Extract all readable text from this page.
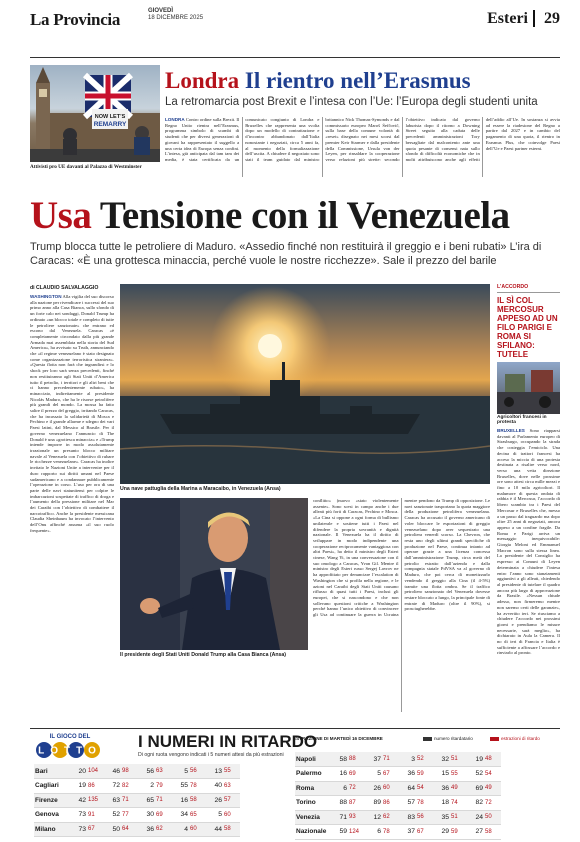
La Provincia	GIOVEDÌ
18 DICEMBRE 2025	Esteri 29
NOW LET’S
REMARRY
Attivisti pro UE davanti al Palazzo di Westminster
Londra Il rientro nell’Erasmus
La retromarcia post Brexit e l’intesa con l’Ue: l’Europa degli studenti unita

LONDRA Contro ordine sulla Brexit. Il Regno Unito rientra nell’Erasmus, programma simbolo di scambi di studenti che per diversi generazioni di giovani ha rappresentato il suggello a una certa idea di Europa senza confini. L’intesa, già anticipata dal tam tam dei media, è stata certificata da un comunicato congiunto di Londra e Bruxelles che rappresenta una svolta dopo un modello di contrattazione e d’incontro abbandonato dall’Italia nonostante i negoziati, circa 5 anni fa, al momento della formalizzazione dell’uscita. A chiudere il negoziato sono stati il team guidato dal ministro britannico Nick Thomas-Symonds e dal commissario europeo Maroš Šefčovič, sulla base della comune volontà di «reset» disegnato nei mesi scorsi dal premier Keir Starmer e dalla presidente della Commissione, Ursula von der Leyen, per rinsaldare la cooperazione verso relazioni più strette: secondo l’obiettivo indicato dal governo laburista dopo il ritorno a Downing Street seguito alla caduta delle precedenti amministrazioni Tory bersagliate dal malcontento ante una quota pesante di consensi nata sullo sfondo di difficoltà economiche che in molti attribuiscono anche agli effetti dell’addio all’Ue. In sostanza si avvia ad essere la riadesione del Regno a partire dal 2027 e in cambio del pagamento di una quota, il rientro in Erasmus Plus, che coinvolge Paesi dell’Ue e Paesi partner esterni.

Usa Tensione con il Venezuela
Trump blocca tutte le petroliere di Maduro. «Assedio finché non restituirà il greggio e i beni rubati» L’ira di Caracas: «È una grottesca minaccia, perché vuole le nostre ricchezze». Sale il prezzo del barile
di CLAUDIO SALVALAGGIO

WASHINGTON Alla vigilia del suo discorso alla nazione per rivendicare i successi del suo primo anno alla Casa Bianca, sullo sfondo di un forte calo nei sondaggi, Donald Trump ha ordinato «un blocco totale e completo di tutte le petroliere sanzionate» che entrano ed escono dal Venezuela. Caracas «è completamente circondato dalla più grande Armada mai assemblata nella storia del Sud America», ha avvisato su Truth, annunciando che «il regime venezuelano è stato designato come organizzazione terroristica straniera». «Questa flotta non farà che ingrandirsi e lo shock per loro sarà senza precedenti, finché non restituiranno agli Stati Uniti d’America tutto il petrolio, i territori e gli altri beni che ci hanno precedentemente rubato», ha minacciato, indirettamente al presidente Nicolás Maduro, che ha le risorse petrolifere più grandi del mondo. La mossa ha fatto salire il prezzo del greggio, irritando Caracas, che ha incassato la solidarietà di Mosca e Pechino e il grande allarme e sdegno dei vari Paesi latini, dal Messico al Brasile. Per il governo venezuelano l’annuncio di The Donald è una «grottesca minaccia» e «Trump intende imporre in modo assolutamente irrazionale un presunto blocco militare navale al Venezuela con l’obiettivo di rubare le ricchezze venezuelane». Caracas ha inoltre invitato le Nazioni Unite a intervenire per il duro rapporto sui diritti umani nel Paese sudamericano e a condannare pubblicamente l’operazione in corso. L’uso per ora di una parte delle navi statunitensi per colpire le imbarcazioni sospettate di traffico di droga e l’aumento della pressione militare nel Mar dei Caraibi con l’obiettivo di combattere il narcotraffico. Anche la presidente messicana Claudia Sheinbaum ha invocato l’intervento dell’Onu affinché assuma «il suo ruolo frequente».

Una nave pattuglia della Marina a Maracaibo, in Venezuela (Ansa)
Il presidente degli Stati Uniti Donald Trump alla Casa Bianca (Ansa)

conflitto» (nuovo «stato violentemente assente». Sono scesi in campo anche i due alleati più forti di Caracas, Pechino e Mosca. «La Cina si oppone a ogni forma di bullismo unilaterale e sostiene tutti i Paesi nel difendere la propria sovranità e dignità nazionale. Il Venezuela ha il diritto di sviluppare in modo indipendente una cooperazione reciprocamente vantaggiosa con altri Paesi», ha detto il ministro degli Esteri cinese, Wang Yi, in una conversazione con il suo omologo a Caracas, Yvan Gil. Mentre il ministro degli Esteri russo Sergej Lavrov ne ha approfittato per denunciare l’escalation di Washington che si profila nella regione, e le azioni nel Caraibi degli Stati Uniti causano riflusso di quasi tutti i Paesi, inclusi gli europei, che si nascondono e che non sollevano questioni critiche a Washington perché hanno l’unico obiettivo di convincere gli Usa ad continuare la guerra in Ucraina mentre pendono da Trump di opposizione. Le navi sanzionate trasportano la quota maggiore della produzione petrolifera venezuelana. Caracas ha accusato il governo americano di voler bloccare le esportazioni di greggio venezuelano dopo aver sequestrato una petroliera venerdì scorso. La Chevron, che resta uno degli ultimi grandi specifiche di produzione nel Paese, continua intanto ad operare grazie a una licenza concessa dall’amministrazione Trump, circa metà del petrolio estratto dall’azienda e dalla compagnia statale PdVSA va al governo di Maduro, che poi cerca di monetizzarlo vendendo il greggio alla Cina (il 4-5%) tramite una flotta ombra. Se il traffico petroliero sanzionato del Venezuela dovesse restare bloccato a lungo, la principale fonte di entrate di Maduro (oltre il 90%), si prosciugherebbe.

L’ACCORDO
IL SÌ COL MERCOSUR APPESO AD UN FILO PARIGI E ROMA SI SFILANO: TUTELE
Agricoltori francesi in protesta

BRUXELLES Sono riapparsi davanti al Parlamento europeo di Strasburgo, occupando la strada che costeggia l’emiciclo. Una decina di trattori francesi ha acceso la miccia di una protesta destinata a risalire verso nord, verso una vetta direzione Bruxelles, dove nelle prossime ore sono attesi circa mille mezzi e fino a 10 mila agricoltori. Il malumore di questa ondata di rabbia è il Mercosur, l’accordo di libero scambio tra i Paesi del Mercosur e Bruxelles che, messo a un passo dal traguardo ma dopo oltre 25 anni di negoziati, ancora appeso a un confine fragile. Da Roma e Parigi arriva un messaggio inequivocabile: Giorgia Meloni ed Emmanuel Macron sono sulla stessa linea. La presidente del Consiglio ha espresso ai Comuni di Leyen determinata a chiudere l’intesa entro l’anno sono stanziamenti aggiuntivi a gli alleati, chiedendo al presidente di tutelare il quadro ancora più largo di approvazione da Brasile. «Nessun chiude adesso, non firmeremo mentre non saremo certi delle garanzie», ha avvertito ieri. Se riusciamo a chiudere l’accordo nei prossimi giorni e prendiamo le misure necessarie, sarà meglio», ha dichiarato in Aula la Camera. Il no di ieri di Francia e Italia è sufficiente a affossare l’accordo e rinviarlo al pronto.

IL GIOCO DEL
LOTTO I NUMERI IN RITARDO
Di ogni ruota vengono indicati i 5 numeri attesi da più estrazioni
ESTRAZIONE DI MARTEDÌ 16 DICEMBRE	numero ritardatario	estrazioni di ritardo
Bari	20	104	46	98	56	63	5	56	13	55
Cagliari	19	86	72	82	2	79	55	78	40	63
Firenze	42	135	63	71	65	71	16	58	26	57
Genova	73	91	52	77	30	69	34	65	5	60
Milano	73	67	50	64	36	62	4	60	44	58
Napoli	58	88	37	71	3	52	32	51	19	48
Palermo	16	69	5	67	36	59	15	55	52	54
Roma	6	72	26	60	64	54	36	49	69	49
Torino	88	87	89	86	57	78	18	74	82	72
Venezia	71	93	12	62	83	56	35	51	24	50
Nazionale	59	124	6	78	37	67	29	59	27	58
